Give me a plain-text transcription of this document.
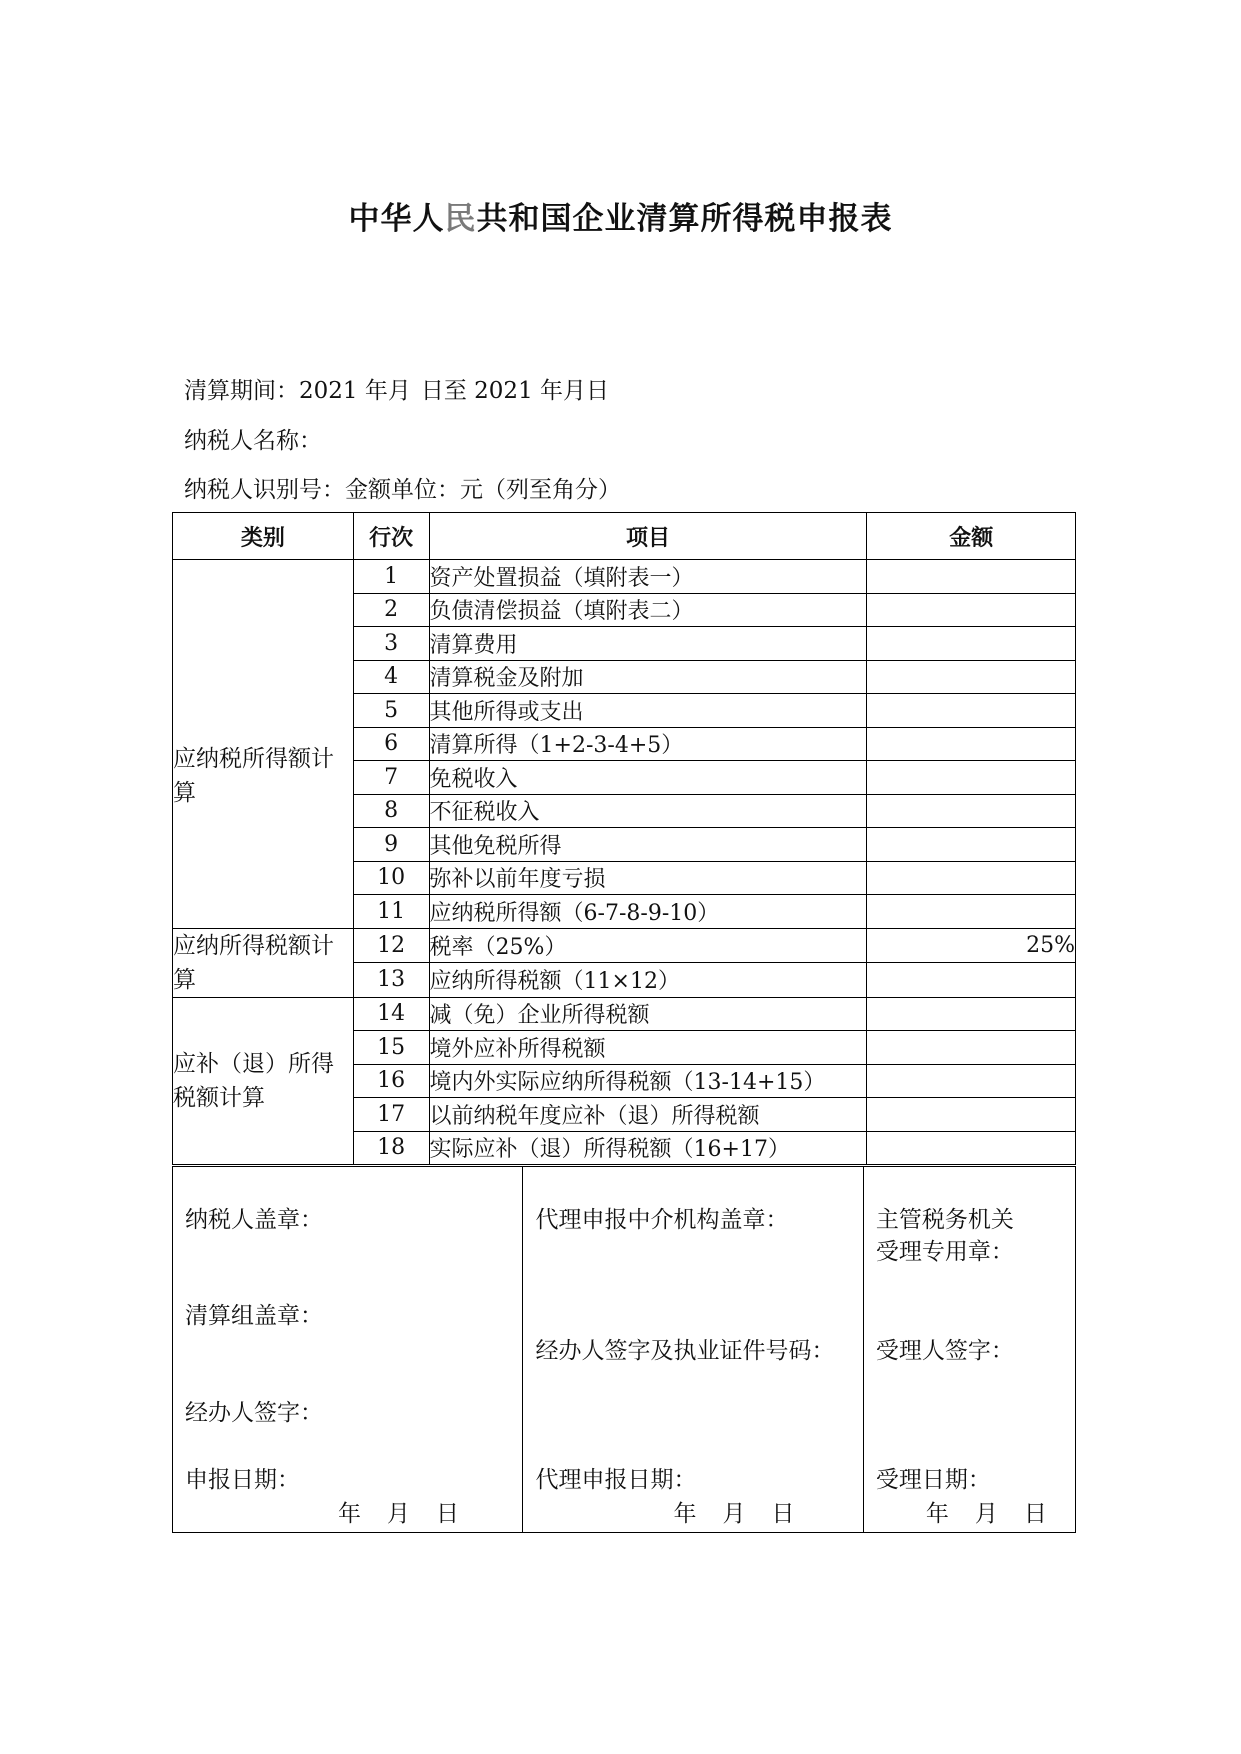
中华人民共和国企业清算所得税申报表

清算期间：2021 年月 日至 2021 年月日

纳税人名称：

纳税人识别号：金额单位：元（列至角分）

类别	行次	项目	金额

应纳税所得额计算	1	资产处置损益（填附表一）	
	2	负债清偿损益（填附表二）	
	3	清算费用	
	4	清算税金及附加	
	5	其他所得或支出	
	6	清算所得（1+2-3-4+5）	
	7	免税收入	
	8	不征税收入	
	9	其他免税所得	
	10	弥补以前年度亏损	
	11	应纳税所得额（6-7-8-9-10）	
应纳所得税额计算	12	税率（25%）	25%
	13	应纳所得税额（11×12）	
应补（退）所得税额计算	14	减（免）企业所得税额	
	15	境外应补所得税额	
	16	境内外实际应纳所得税额（13-14+15）	
	17	以前纳税年度应补（退）所得税额	
	18	实际应补（退）所得税额（16+17）	
纳税人盖章：
清算组盖章：
经办人签字：
申报日期：
年 月 日

代理申报中介机构盖章：
经办人签字及执业证件号码：
代理申报日期：
年 月 日

主管税务机关
受理专用章：
受理人签字：
受理日期：
年 月 日
